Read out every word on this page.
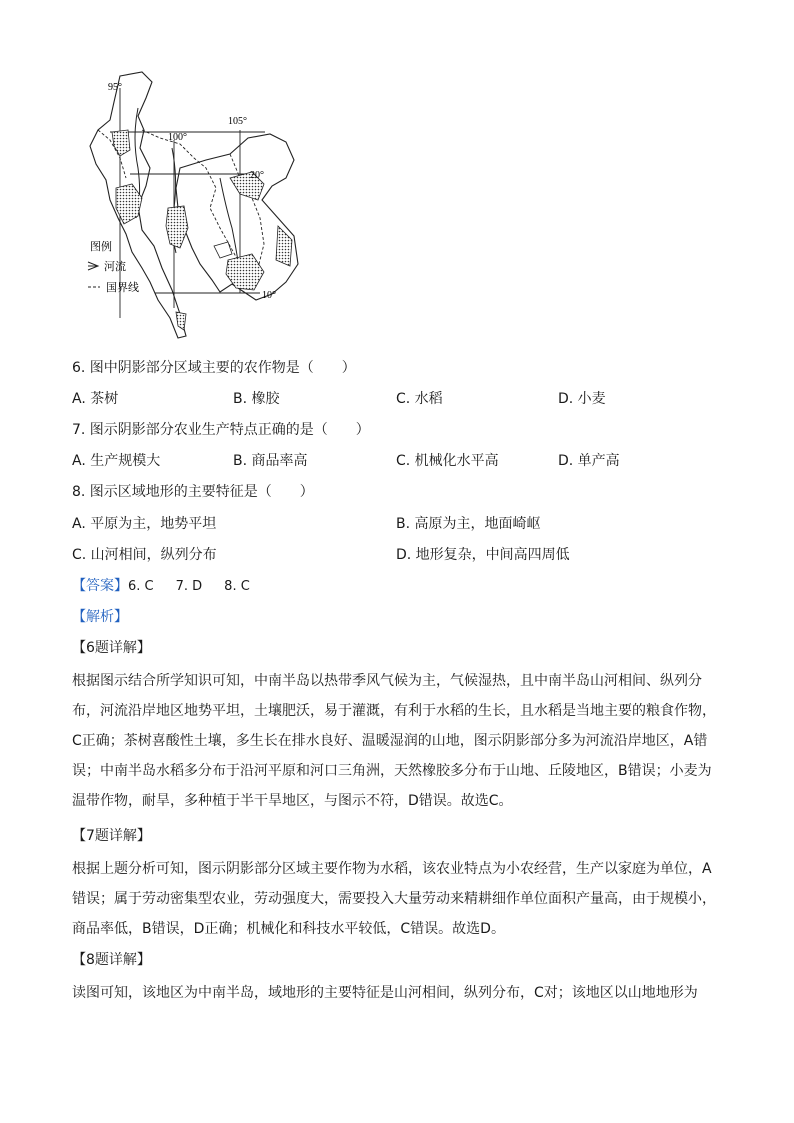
95°
100°
105°
20°
10°
图例
河流
国界线
6. 图中阴影部分区域主要的农作物是（　　）
A. 茶树	B. 橡胶	C. 水稻	D. 小麦
7. 图示阴影部分农业生产特点正确的是（　　）
A. 生产规模大	B. 商品率高	C. 机械化水平高	D. 单产高
8. 图示区域地形的主要特征是（　　）
A. 平原为主，地势平坦	B. 高原为主，地面崎岖
C. 山河相间，纵列分布	D. 地形复杂，中间高四周低
【答案】6. C 7. D 8. C
【解析】
【6题详解】

根据图示结合所学知识可知，中南半岛以热带季风气候为主，气候湿热，且中南半岛山河相间、纵列分

布，河流沿岸地区地势平坦，土壤肥沃，易于灌溉，有利于水稻的生长，且水稻是当地主要的粮食作物，

C正确；茶树喜酸性土壤，多生长在排水良好、温暖湿润的山地，图示阴影部分多为河流沿岸地区，A错

误；中南半岛水稻多分布于沿河平原和河口三角洲，天然橡胶多分布于山地、丘陵地区，B错误；小麦为

温带作物，耐旱，多种植于半干旱地区，与图示不符，D错误。故选C。

【7题详解】

根据上题分析可知，图示阴影部分区域主要作物为水稻，该农业特点为小农经营，生产以家庭为单位，A

错误；属于劳动密集型农业，劳动强度大，需要投入大量劳动来精耕细作单位面积产量高，由于规模小，

商品率低，B错误，D正确；机械化和科技水平较低，C错误。故选D。

【8题详解】

读图可知，该地区为中南半岛，域地形的主要特征是山河相间，纵列分布，C对；该地区以山地地形为
